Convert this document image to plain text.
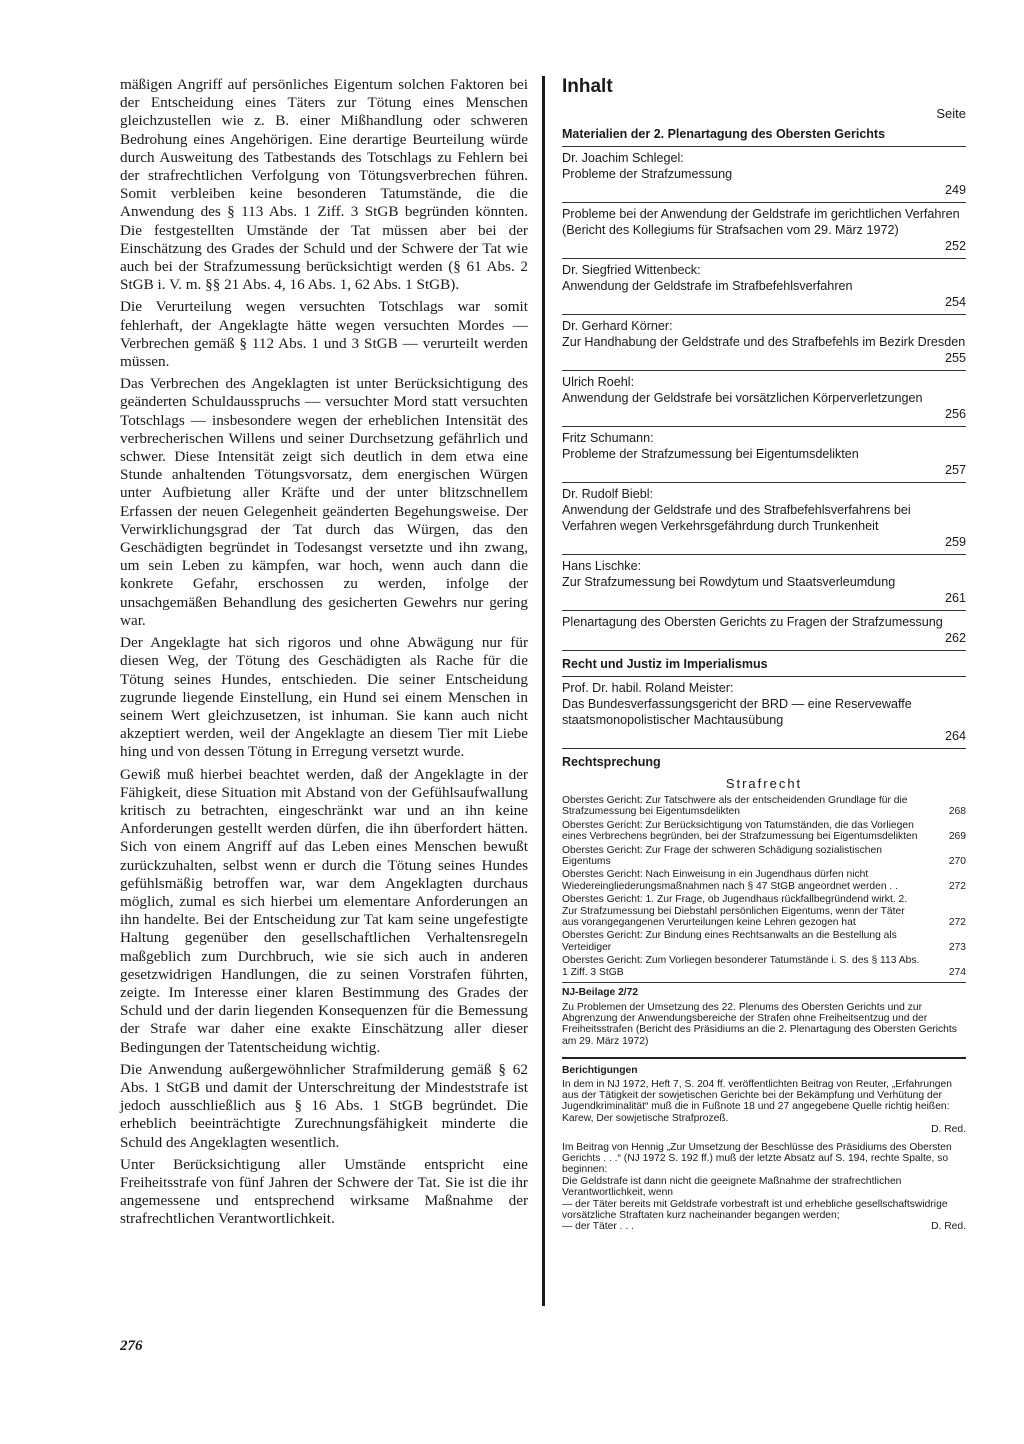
mäßigen Angriff auf persönliches Eigentum solchen Faktoren bei der Entscheidung eines Täters zur Tötung eines Menschen gleichzustellen wie z. B. einer Mißhandlung oder schweren Bedrohung eines Angehörigen. Eine derartige Beurteilung würde durch Ausweitung des Tatbestands des Totschlags zu Fehlern bei der strafrechtlichen Verfolgung von Tötungsverbrechen führen. Somit verbleiben keine besonderen Tatumstände, die die Anwendung des § 113 Abs. 1 Ziff. 3 StGB begründen könnten. Die festgestellten Umstände der Tat müssen aber bei der Einschätzung des Grades der Schuld und der Schwere der Tat wie auch bei der Strafzumessung berücksichtigt werden (§ 61 Abs. 2 StGB i. V. m. §§ 21 Abs. 4, 16 Abs. 1, 62 Abs. 1 StGB).

Die Verurteilung wegen versuchten Totschlags war somit fehlerhaft, der Angeklagte hätte wegen versuchten Mordes — Verbrechen gemäß § 112 Abs. 1 und 3 StGB — verurteilt werden müssen.

Das Verbrechen des Angeklagten ist unter Berücksichtigung des geänderten Schuldausspruchs — versuchter Mord statt versuchten Totschlags — insbesondere wegen der erheblichen Intensität des verbrecherischen Willens und seiner Durchsetzung gefährlich und schwer. Diese Intensität zeigt sich deutlich in dem etwa eine Stunde anhaltenden Tötungsvorsatz, dem energischen Würgen unter Aufbietung aller Kräfte und der unter blitzschnellem Erfassen der neuen Gelegenheit geänderten Begehungsweise. Der Verwirklichungsgrad der Tat durch das Würgen, das den Geschädigten begründet in Todesangst versetzte und ihn zwang, um sein Leben zu kämpfen, war hoch, wenn auch dann die konkrete Gefahr, erschossen zu werden, infolge der unsachgemäßen Behandlung des gesicherten Gewehrs nur gering war.

Der Angeklagte hat sich rigoros und ohne Abwägung nur für diesen Weg, der Tötung des Geschädigten als Rache für die Tötung seines Hundes, entschieden. Die seiner Entscheidung zugrunde liegende Einstellung, ein Hund sei einem Menschen in seinem Wert gleichzusetzen, ist inhuman. Sie kann auch nicht akzeptiert werden, weil der Angeklagte an diesem Tier mit Liebe hing und von dessen Tötung in Erregung versetzt wurde.

Gewiß muß hierbei beachtet werden, daß der Angeklagte in der Fähigkeit, diese Situation mit Abstand von der Gefühlsaufwallung kritisch zu betrachten, eingeschränkt war und an ihn keine Anforderungen gestellt werden dürfen, die ihn überfordert hätten. Sich von einem Angriff auf das Leben eines Menschen bewußt zurückzuhalten, selbst wenn er durch die Tötung seines Hundes gefühlsmäßig betroffen war, war dem Angeklagten durchaus möglich, zumal es sich hierbei um elementare Anforderungen an ihn handelte. Bei der Entscheidung zur Tat kam seine ungefestigte Haltung gegenüber den gesellschaftlichen Verhaltensregeln maßgeblich zum Durchbruch, wie sie sich auch in anderen gesetzwidrigen Handlungen, die zu seinen Vorstrafen führten, zeigte. Im Interesse einer klaren Bestimmung des Grades der Schuld und der darin liegenden Konsequenzen für die Bemessung der Strafe war daher eine exakte Einschätzung aller dieser Bedingungen der Tatentscheidung wichtig.

Die Anwendung außergewöhnlicher Strafmilderung gemäß § 62 Abs. 1 StGB und damit der Unterschreitung der Mindeststrafe ist jedoch ausschließlich aus § 16 Abs. 1 StGB begründet. Die erheblich beeinträchtigte Zurechnungsfähigkeit minderte die Schuld des Angeklagten wesentlich.

Unter Berücksichtigung aller Umstände entspricht eine Freiheitsstrafe von fünf Jahren der Schwere der Tat. Sie ist die ihr angemessene und entsprechend wirksame Maßnahme der strafrechtlichen Verantwortlichkeit.

276
Inhalt
Seite
Materialien der 2. Plenartagung des Obersten Gerichts
Dr. Joachim Schlegel:
Probleme der Strafzumessung
249
Probleme bei der Anwendung der Geldstrafe im gerichtlichen Verfahren (Bericht des Kollegiums für Strafsachen vom 29. März 1972)
252
Dr. Siegfried Wittenbeck:
Anwendung der Geldstrafe im Strafbefehlsverfahren
254
Dr. Gerhard Körner:
Zur Handhabung der Geldstrafe und des Strafbefehls im Bezirk Dresden
255
Ulrich Roehl:
Anwendung der Geldstrafe bei vorsätzlichen Körperverletzungen
256
Fritz Schumann:
Probleme der Strafzumessung bei Eigentumsdelikten
257
Dr. Rudolf Biebl:
Anwendung der Geldstrafe und des Strafbefehlsverfahrens bei Verfahren wegen Verkehrsgefährdung durch Trunkenheit
259
Hans Lischke:
Zur Strafzumessung bei Rowdytum und Staatsverleumdung
261
Plenartagung des Obersten Gerichts zu Fragen der Strafzumessung
262
Recht und Justiz im Imperialismus
Prof. Dr. habil. Roland Meister:
Das Bundesverfassungsgericht der BRD — eine Reservewaffe staatsmonopolistischer Machtausübung
264
Rechtsprechung
Strafrecht
Oberstes Gericht: Zur Tatschwere als der entscheidenden Grundlage für die Strafzumessung bei Eigentumsdelikten	268
Oberstes Gericht: Zur Berücksichtigung von Tatumständen, die das Vorliegen eines Verbrechens begründen, bei der Strafzumessung bei Eigentumsdelikten	269
Oberstes Gericht: Zur Frage der schweren Schädigung sozialistischen Eigentums	270
Oberstes Gericht: Nach Einweisung in ein Jugendhaus dürfen nicht Wiedereingliederungsmaßnahmen nach § 47 StGB angeordnet werden . .	272
Oberstes Gericht: 1. Zur Frage, ob Jugendhaus rückfallbegründend wirkt. 2. Zur Strafzumessung bei Diebstahl persönlichen Eigentums, wenn der Täter aus vorangegangenen Verurteilungen keine Lehren gezogen hat	272
Oberstes Gericht: Zur Bindung eines Rechtsanwalts an die Bestellung als Verteidiger	273
Oberstes Gericht: Zum Vorliegen besonderer Tatumstände i. S. des § 113 Abs. 1 Ziff. 3 StGB	274
NJ-Beilage 2/72
Zu Problemen der Umsetzung des 22. Plenums des Obersten Gerichts und zur Abgrenzung der Anwendungsbereiche der Strafen ohne Freiheitsentzug und der Freiheitsstrafen (Bericht des Präsidiums an die 2. Plenartagung des Obersten Gerichts am 29. März 1972)
Berichtigungen
In dem in NJ 1972, Heft 7, S. 204 ff. veröffentlichten Beitrag von Reuter, „Erfahrungen aus der Tätigkeit der sowjetischen Gerichte bei der Bekämpfung und Verhütung der Jugendkriminalität“ muß die in Fußnote 18 und 27 angegebene Quelle richtig heißen: Karew, Der sowjetische Strafprozeß.
D. Red.
Im Beitrag von Hennig „Zur Umsetzung der Beschlüsse des Präsidiums des Obersten Gerichts . . .“ (NJ 1972 S. 192 ff.) muß der letzte Absatz auf S. 194, rechte Spalte, so beginnen:
Die Geldstrafe ist dann nicht die geeignete Maßnahme der strafrechtlichen Verantwortlichkeit, wenn
— der Täter bereits mit Geldstrafe vorbestraft ist und erhebliche gesellschaftswidrige vorsätzliche Straftaten kurz nacheinander begangen werden;
— der Täter . . .	D. Red.
